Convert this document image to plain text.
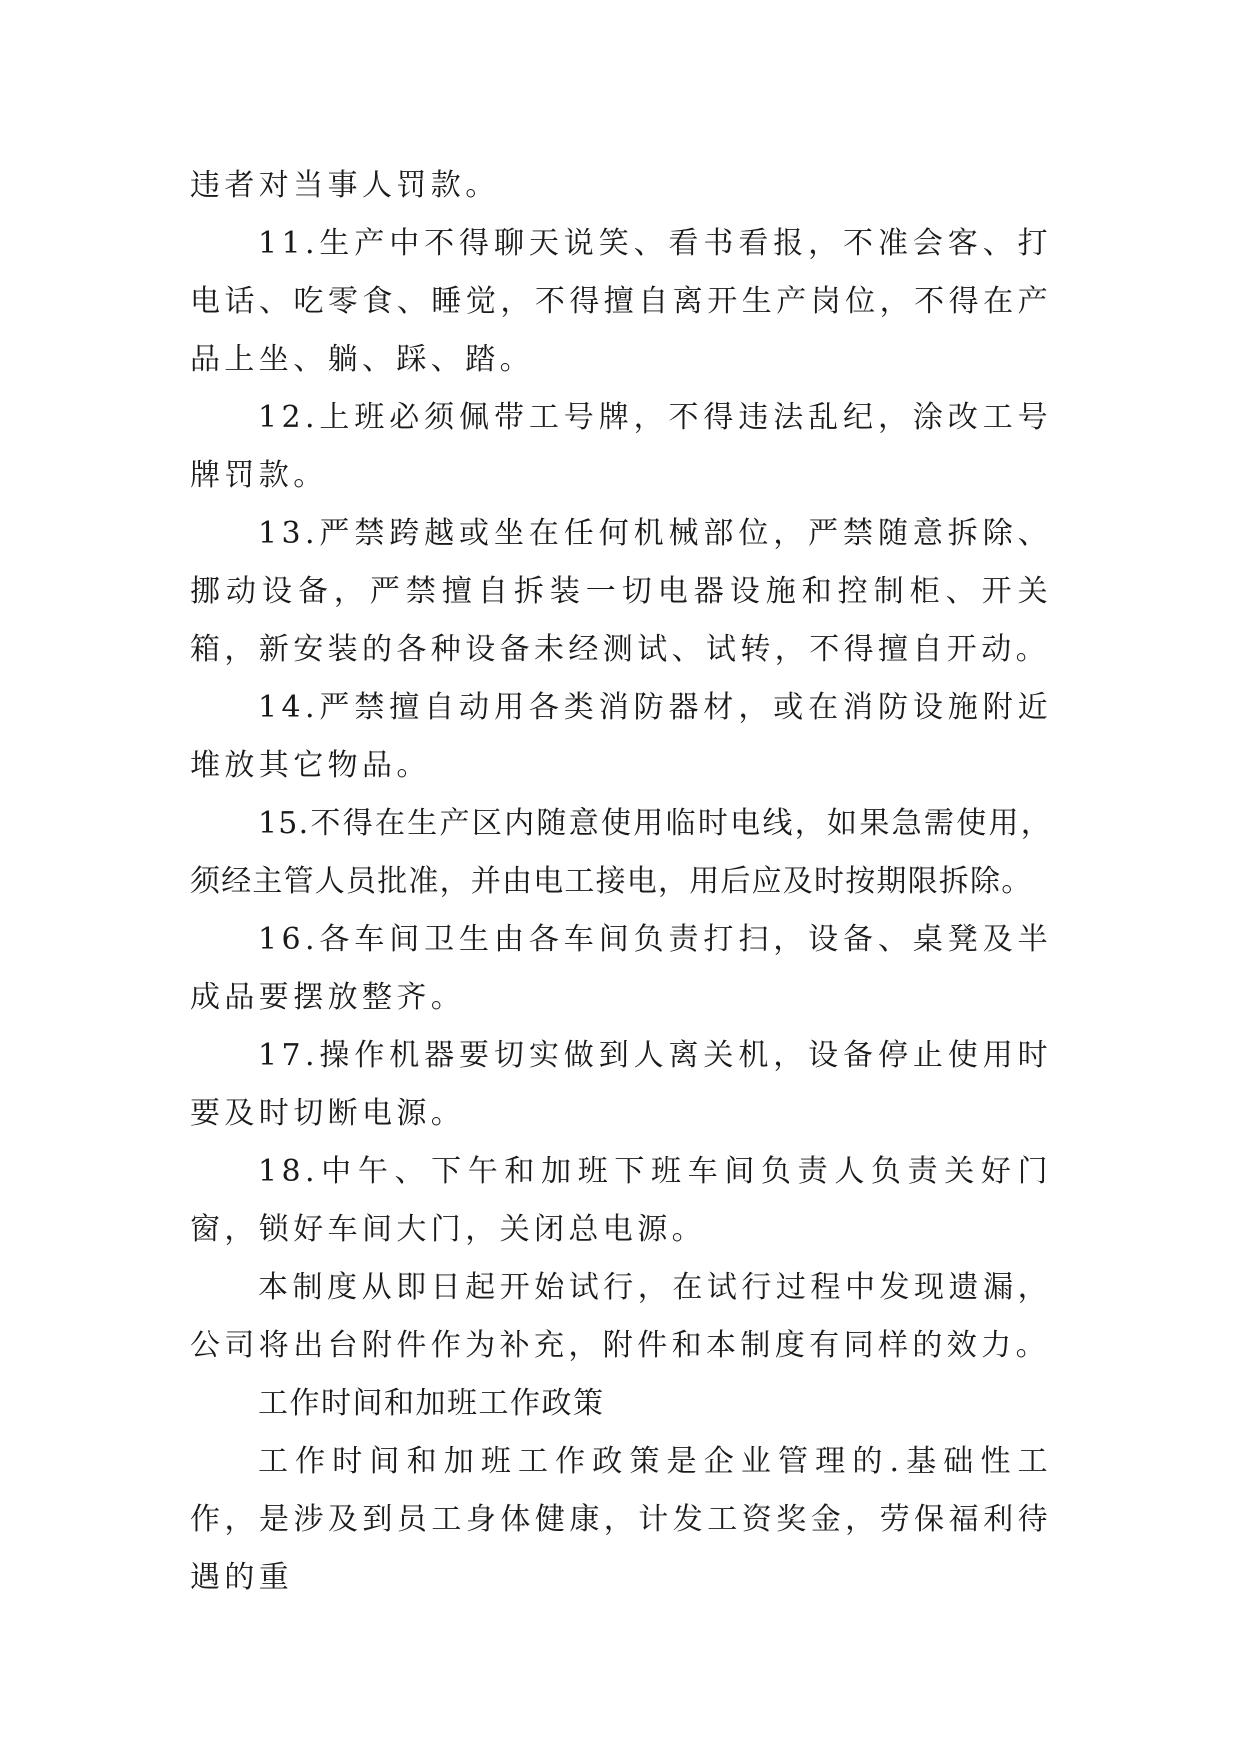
违者对当事人罚款。

11.生产中不得聊天说笑、看书看报，不准会客、打电话、吃零食、睡觉，不得擅自离开生产岗位，不得在产品上坐、躺、踩、踏。

12.上班必须佩带工号牌，不得违法乱纪，涂改工号牌罚款。

13.严禁跨越或坐在任何机械部位，严禁随意拆除、挪动设备，严禁擅自拆装一切电器设施和控制柜、开关箱，新安装的各种设备未经测试、试转，不得擅自开动。

14.严禁擅自动用各类消防器材，或在消防设施附近堆放其它物品。

15.不得在生产区内随意使用临时电线，如果急需使用，须经主管人员批准，并由电工接电，用后应及时按期限拆除。

16.各车间卫生由各车间负责打扫，设备、桌凳及半成品要摆放整齐。

17.操作机器要切实做到人离关机，设备停止使用时要及时切断电源。

18.中午、下午和加班下班车间负责人负责关好门窗，锁好车间大门，关闭总电源。

本制度从即日起开始试行，在试行过程中发现遗漏，公司将出台附件作为补充，附件和本制度有同样的效力。

工作时间和加班工作政策

工作时间和加班工作政策是企业管理的.基础性工作，是涉及到员工身体健康，计发工资奖金，劳保福利待遇的重
